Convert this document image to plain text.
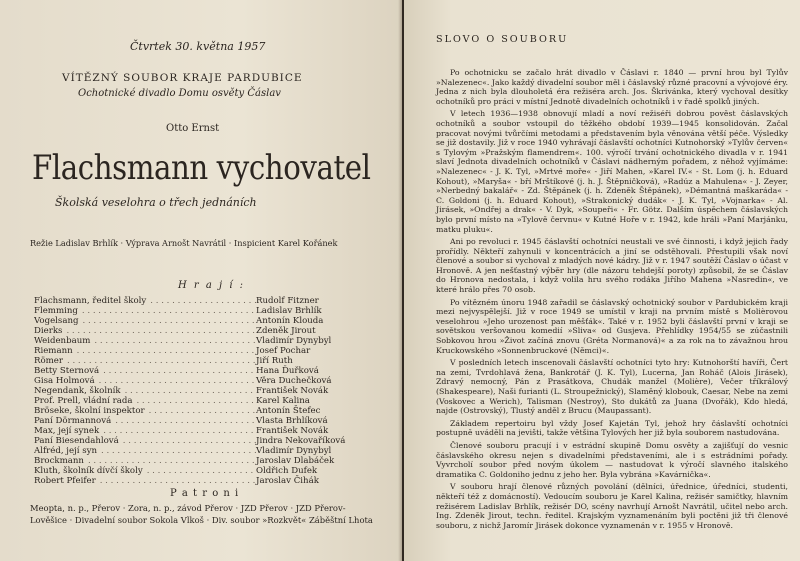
Čtvrtek 30. května 1957
VÍTĚZNÝ SOUBOR KRAJE PARDUBICE
Ochotnické divadlo Domu osvěty Čáslav
Otto Ernst
Flachsmann vychovatel
Školská veselohra o třech jednáních
Režie Ladislav Brhlík · Výprava Arnošt Navrátil · Inspicient Karel Kořánek
H r a j í :
Flachsmann, ředitel školy . . .	Rudolf Fitzner
Flemming . . .	Ladislav Brhlík
Vogelsang . . .	Antonín Klouda
Dierks . . .	Zdeněk Jirout
Weidenbaum . . .	Vladimír Dynybyl
Riemann . . .	Josef Pochar
Römer . . .	Jiří Ruth
Betty Sternová . . .	Hana Ďuřková
Gisa Holmová . . .	Věra Duchečková
Negendank, školník . . .	František Novák
Prof. Prell, vládní rada . . .	Karel Kalina
Bröseke, školní inspektor . . .	Antonín Štefec
Paní Dörmannová . . .	Vlasta Brhlíková
Max, její synek . . .	František Novák
Paní Biesendahlová . . .	Jindra Nekovaříková
Alfréd, její syn . . .	Vladimír Dynybyl
Brockmann . . .	Jaroslav Dlabáček
Kluth, školník dívčí školy . . .	Oldřich Dufek
Robert Pfeifer . . .	Jaroslav Čihák
P a t r o n i
Meopta, n. p., Přerov · Zora, n. p., závod Přerov · JZD Přerov · JZD Přerov-
Lověšice · Divadelní soubor Sokola Vlkoš · Div. soubor »Rozkvět« Záběštní Lhota
SLOVO O SOUBORU

Po ochotnicku se začalo hrát divadlo v Čáslavi r. 1840 — první hrou byl Tylův »Nalezenec«. Jako každý divadelní soubor měl i čáslavský různé pracovní a vývojové éry. Jedna z nich byla dlouholetá éra režiséra arch. Jos. Škrivánka, který vychoval desítky ochotníků pro práci v místní Jednotě divadelních ochotníků i v řadě spolků jiných.

V letech 1936—1938 obnovují mladí a noví režiséři dobrou pověst čáslavských ochotníků a soubor vstoupil do těžkého období 1939—1945 konsolidován. Začal pracovat novými tvůrčími metodami a představením byla věnována větší péče. Výsledky se již dostavily. Již v roce 1940 vyhrávají čáslavští ochotníci Kutnohorský »Tylův červen« s Tylovým »Pražským flamendrem«. 100. výročí trvání ochotnického divadla v r. 1941 slaví Jednota divadelních ochotníků v Čáslavi nádherným pořadem, z něhož vyjímáme: »Nalezenec« - J. K. Tyl, »Mrtvé moře« - Jiří Mahen, »Karel IV.« - St. Lom (j. h. Eduard Kohout), »Maryša« - bří Mrštíkové (j. h. J. Štěpničková), »Radúz a Mahulena« - J. Zeyer, »Nerbedný bakalář« - Zd. Štěpánek (j. h. Zdeněk Štěpánek), »Démantná maškaráda« - C. Goldoni (j. h. Eduard Kohout), »Strakonický dudák« - J. K. Tyl, »Vojnarka« - Al. Jirásek, »Ondřej a drak« - V. Dyk, »Soupeři« - Fr. Götz. Dalším úspěchem čáslavských bylo první místo na »Tylově červnu« v Kutné Hoře v r. 1942, kde hráli »Paní Marjánku, matku pluku«.

Ani po revoluci r. 1945 čáslavští ochotníci neustali ve své činnosti, i když jejich řady prořídly. Někteří zahynuli v koncentrácích a jiní se odstěhovali. Přestupili však noví členové a soubor si vychoval z mladých nové kádry. Již v r. 1947 soutěží Čáslav o účast v Hronově. A jen nešťastný výběr hry (dle názoru tehdejší poroty) způsobil, že se Čáslav do Hronova nedostala, i když volila hru svého rodáka Jiřího Mahena »Nasredin«, ve které hrálo přes 70 osob.

Po vítězném únoru 1948 zařadil se čáslavský ochotnický soubor v Pardubickém kraji mezi nejvyspělejší. Již v roce 1949 se umístil v kraji na prvním místě s Molièrovou veselohrou »Jeho urozenost pan měšťák«. Také v r. 1952 byli čáslavští první v kraji se sovětskou veršovanou komedií »Sliva« od Gusjeva. Přehlídky 1954/55 se zúčastnili Sobkovou hrou »Život začíná znovu (Gréta Normanová)« a za rok na to závažnou hrou Kruckowského »Sonnenbruckové (Němci)«.

V posledních letech inscenovali čáslavští ochotníci tyto hry: Kutnohorští havíři, Čert na zemi, Tvrdohlavá žena, Bankrotář (J. K. Tyl), Lucerna, Jan Roháč (Alois Jirásek), Zdravý nemocný, Pán z Prasátkova, Chudák manžel (Molière), Večer tříkrálový (Shakespeare), Naši furianti (L. Stroupežnický), Slaměný klobouk, Caesar, Nebe na zemi (Voskovec a Werich), Talisman (Nestroy), Sto dukátů za Juana (Dvořák), Kdo hledá, najde (Ostrovský), Tlustý anděl z Brucu (Maupassant).

Základem repertoiru byl vždy Josef Kajetán Tyl, jehož hry čáslavští ochotníci postupně uváděli na jevišti, takže většina Tylových her již byla souborem nastudována.

Členové souboru pracují i v estrádní skupině Domu osvěty a zajišťují do vesnic čáslavského okresu nejen s divadelními představeními, ale i s estrádními pořady. Vyvrcholí soubor před novým úkolem — nastudovat k výročí slavného italského dramatika C. Goldoniho jednu z jeho her. Byla vybrána »Kavárnička«.

V souboru hrají členové různých povolání (dělníci, úřednice, úředníci, studenti, někteří též z domácností). Vedoucím souboru je Karel Kalina, režisér samičtky, hlavním režisérem Ladislav Brhlík, režisér DO, scény navrhují Arnošt Navrátil, učitel nebo arch. Ing. Zdeněk Jirout, techn. ředitel. Krajským vyznamenáním byli poctěni již tři členové souboru, z nichž Jaromír Jirásek dokonce vyznamenán v r. 1955 v Hronově.
